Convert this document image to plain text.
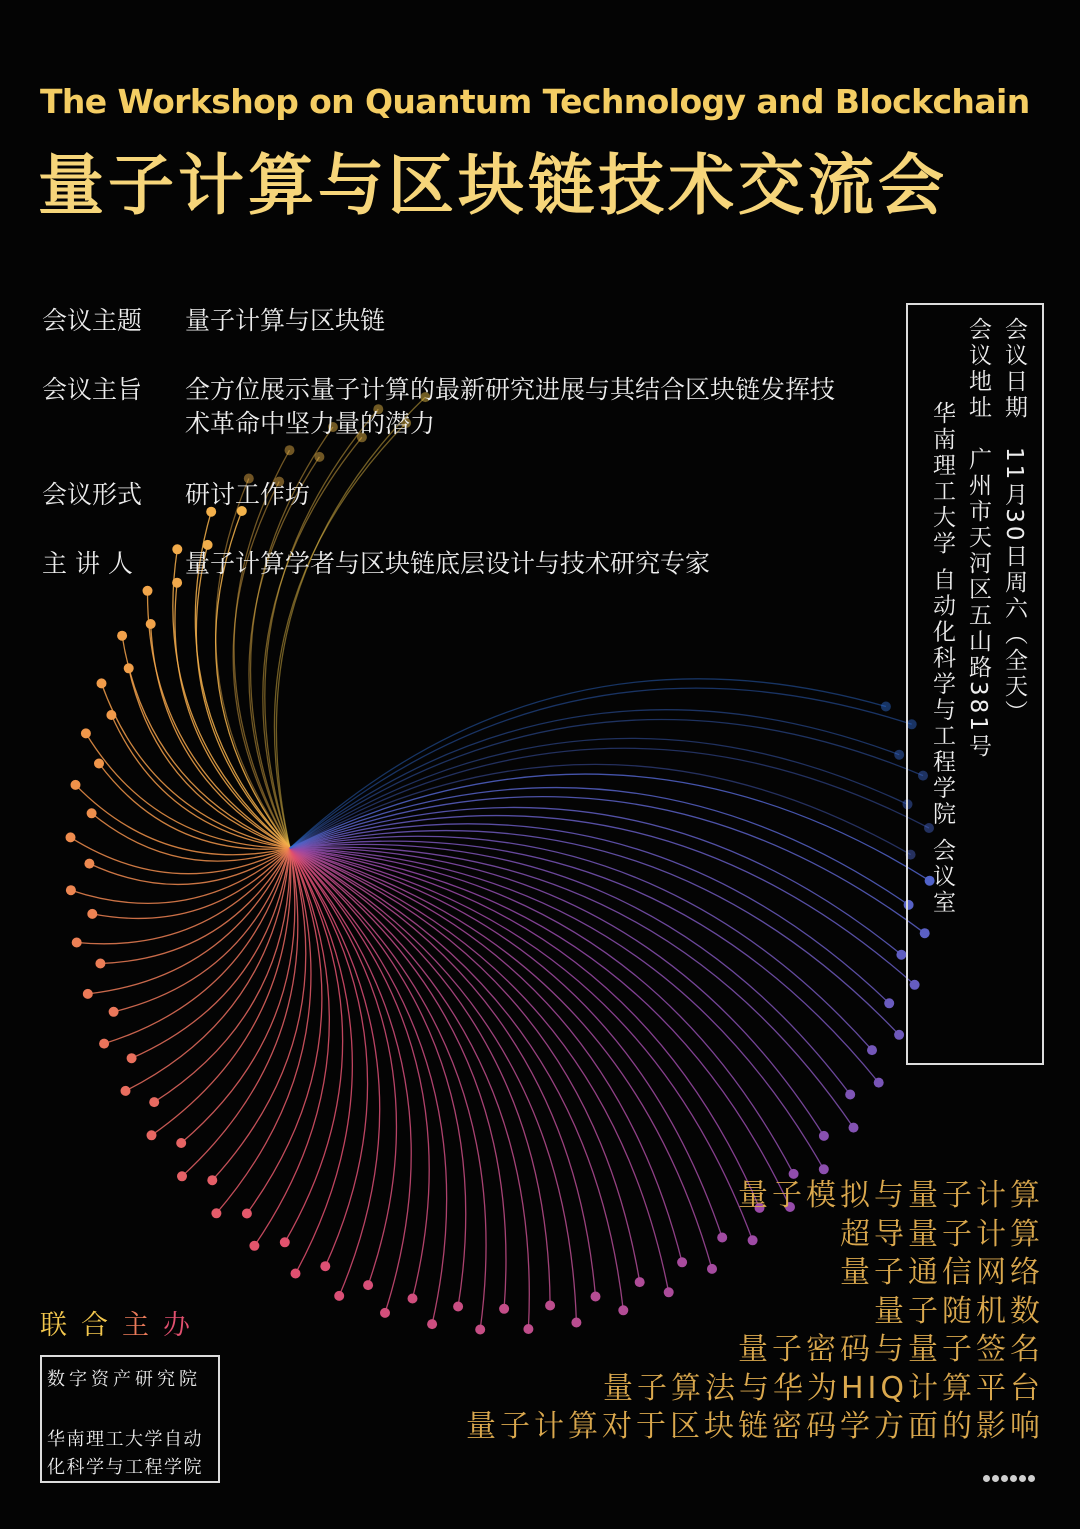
The Workshop on Quantum Technology and Blockchain
量子计算与区块链技术交流会
会议主题 量子计算与区块链
会议主旨 全方位展示量子计算的最新研究进展与其结合区块链发挥技术革命中坚力量的潜力
会议形式 研讨工作坊
主 讲 人 量子计算学者与区块链底层设计与技术研究专家
会议日期　11月30日周六（全天）
会议地址　广州市天河区五山路381号
华南理工大学 自动化科学与工程学院 会议室
量子模拟与量子计算
超导量子计算
量子通信网络
量子随机数
量子密码与量子签名
量子算法与华为HIQ计算平台
量子计算对于区块链密码学方面的影响
联合主办
数字资产研究院
华南理工大学自动
化科学与工程学院
